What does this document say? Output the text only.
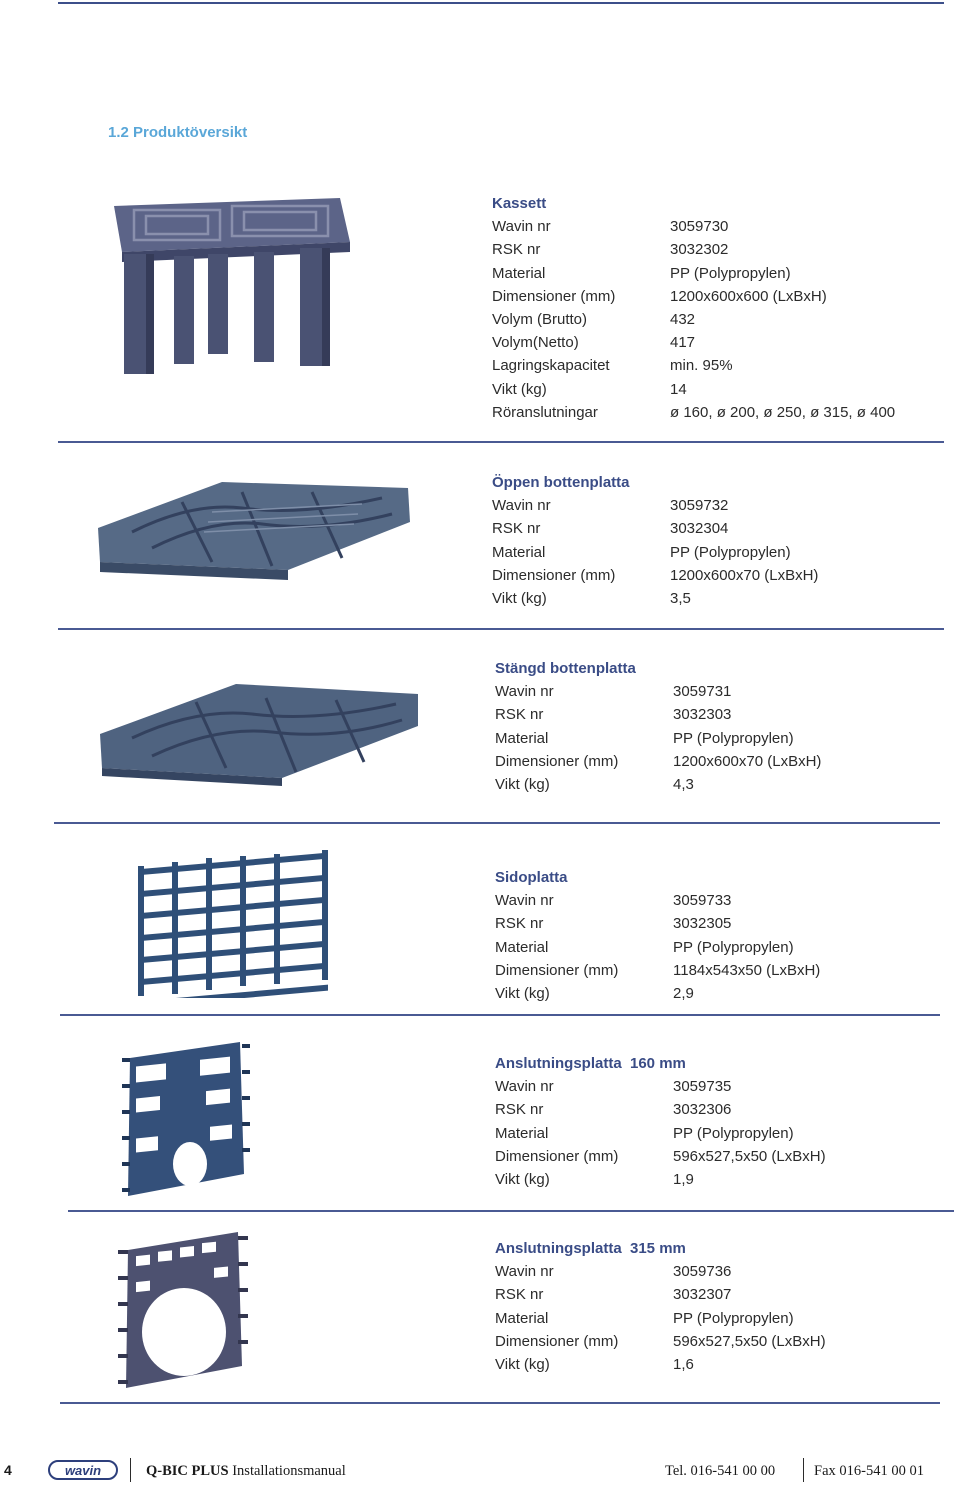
1.2 Produktöversikt
Kassett
Wavin nr	3059730
RSK nr	3032302
Material	PP (Polypropylen)
Dimensioner (mm)	1200x600x600 (LxBxH)
Volym (Brutto)	432
Volym(Netto)	417
Lagringskapacitet	min. 95%
Vikt (kg)	14
Röranslutningar	ø 160, ø 200, ø 250, ø 315, ø 400
Öppen bottenplatta
Wavin nr	3059732
RSK nr	3032304
Material	PP (Polypropylen)
Dimensioner (mm)	1200x600x70 (LxBxH)
Vikt (kg)	3,5
Stängd bottenplatta
Wavin nr	3059731
RSK nr	3032303
Material	PP (Polypropylen)
Dimensioner (mm)	1200x600x70 (LxBxH)
Vikt (kg)	4,3
Sidoplatta
Wavin nr	3059733
RSK nr	3032305
Material	PP (Polypropylen)
Dimensioner (mm)	1184x543x50 (LxBxH)
Vikt (kg)	2,9
Anslutningsplatta  160 mm
Wavin nr	3059735
RSK nr	3032306
Material	PP (Polypropylen)
Dimensioner (mm)	596x527,5x50 (LxBxH)
Vikt (kg)	1,9
Anslutningsplatta  315 mm
Wavin nr	3059736
RSK nr	3032307
Material	PP (Polypropylen)
Dimensioner (mm)	596x527,5x50 (LxBxH)
Vikt (kg)	1,6
4	wavin	Q-BIC PLUS Installationsmanual	Tel. 016-541 00 00	Fax 016-541 00 01
